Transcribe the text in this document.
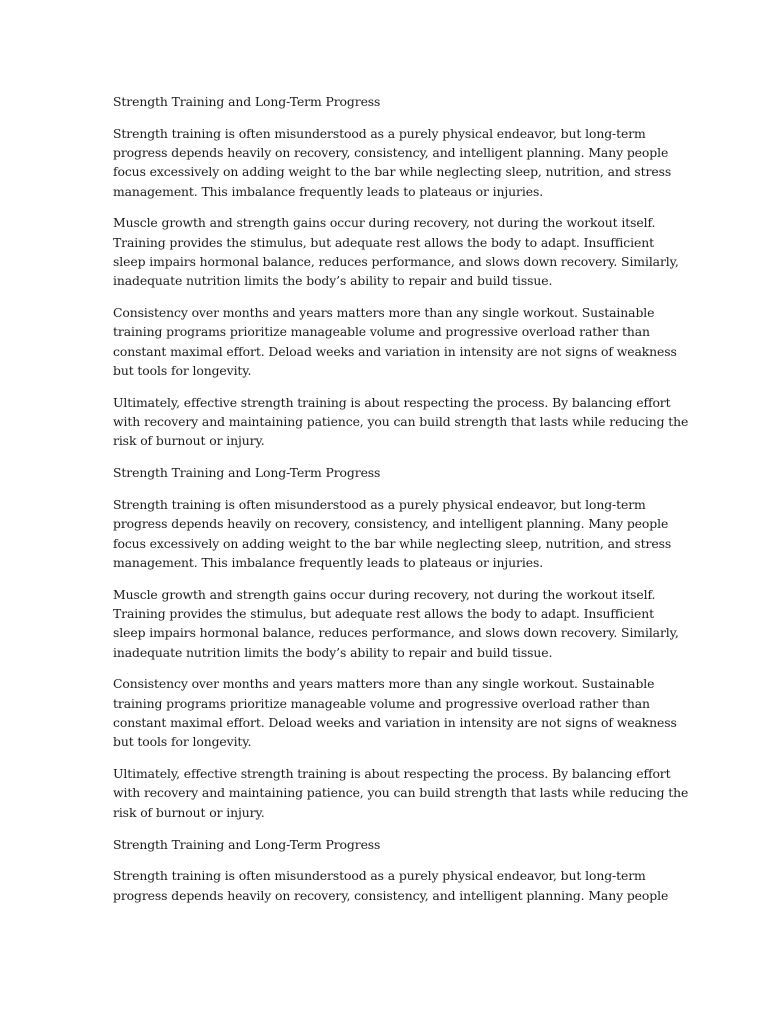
Strength Training and Long-Term Progress

Strength training is often misunderstood as a purely physical endeavor, but long-term
progress depends heavily on recovery, consistency, and intelligent planning. Many people
focus excessively on adding weight to the bar while neglecting sleep, nutrition, and stress
management. This imbalance frequently leads to plateaus or injuries.

Muscle growth and strength gains occur during recovery, not during the workout itself.
Training provides the stimulus, but adequate rest allows the body to adapt. Insufficient
sleep impairs hormonal balance, reduces performance, and slows down recovery. Similarly,
inadequate nutrition limits the body’s ability to repair and build tissue.

Consistency over months and years matters more than any single workout. Sustainable
training programs prioritize manageable volume and progressive overload rather than
constant maximal effort. Deload weeks and variation in intensity are not signs of weakness
but tools for longevity.

Ultimately, effective strength training is about respecting the process. By balancing effort
with recovery and maintaining patience, you can build strength that lasts while reducing the
risk of burnout or injury.

Strength Training and Long-Term Progress

Strength training is often misunderstood as a purely physical endeavor, but long-term
progress depends heavily on recovery, consistency, and intelligent planning. Many people
focus excessively on adding weight to the bar while neglecting sleep, nutrition, and stress
management. This imbalance frequently leads to plateaus or injuries.

Muscle growth and strength gains occur during recovery, not during the workout itself.
Training provides the stimulus, but adequate rest allows the body to adapt. Insufficient
sleep impairs hormonal balance, reduces performance, and slows down recovery. Similarly,
inadequate nutrition limits the body’s ability to repair and build tissue.

Consistency over months and years matters more than any single workout. Sustainable
training programs prioritize manageable volume and progressive overload rather than
constant maximal effort. Deload weeks and variation in intensity are not signs of weakness
but tools for longevity.

Ultimately, effective strength training is about respecting the process. By balancing effort
with recovery and maintaining patience, you can build strength that lasts while reducing the
risk of burnout or injury.

Strength Training and Long-Term Progress

Strength training is often misunderstood as a purely physical endeavor, but long-term
progress depends heavily on recovery, consistency, and intelligent planning. Many people
